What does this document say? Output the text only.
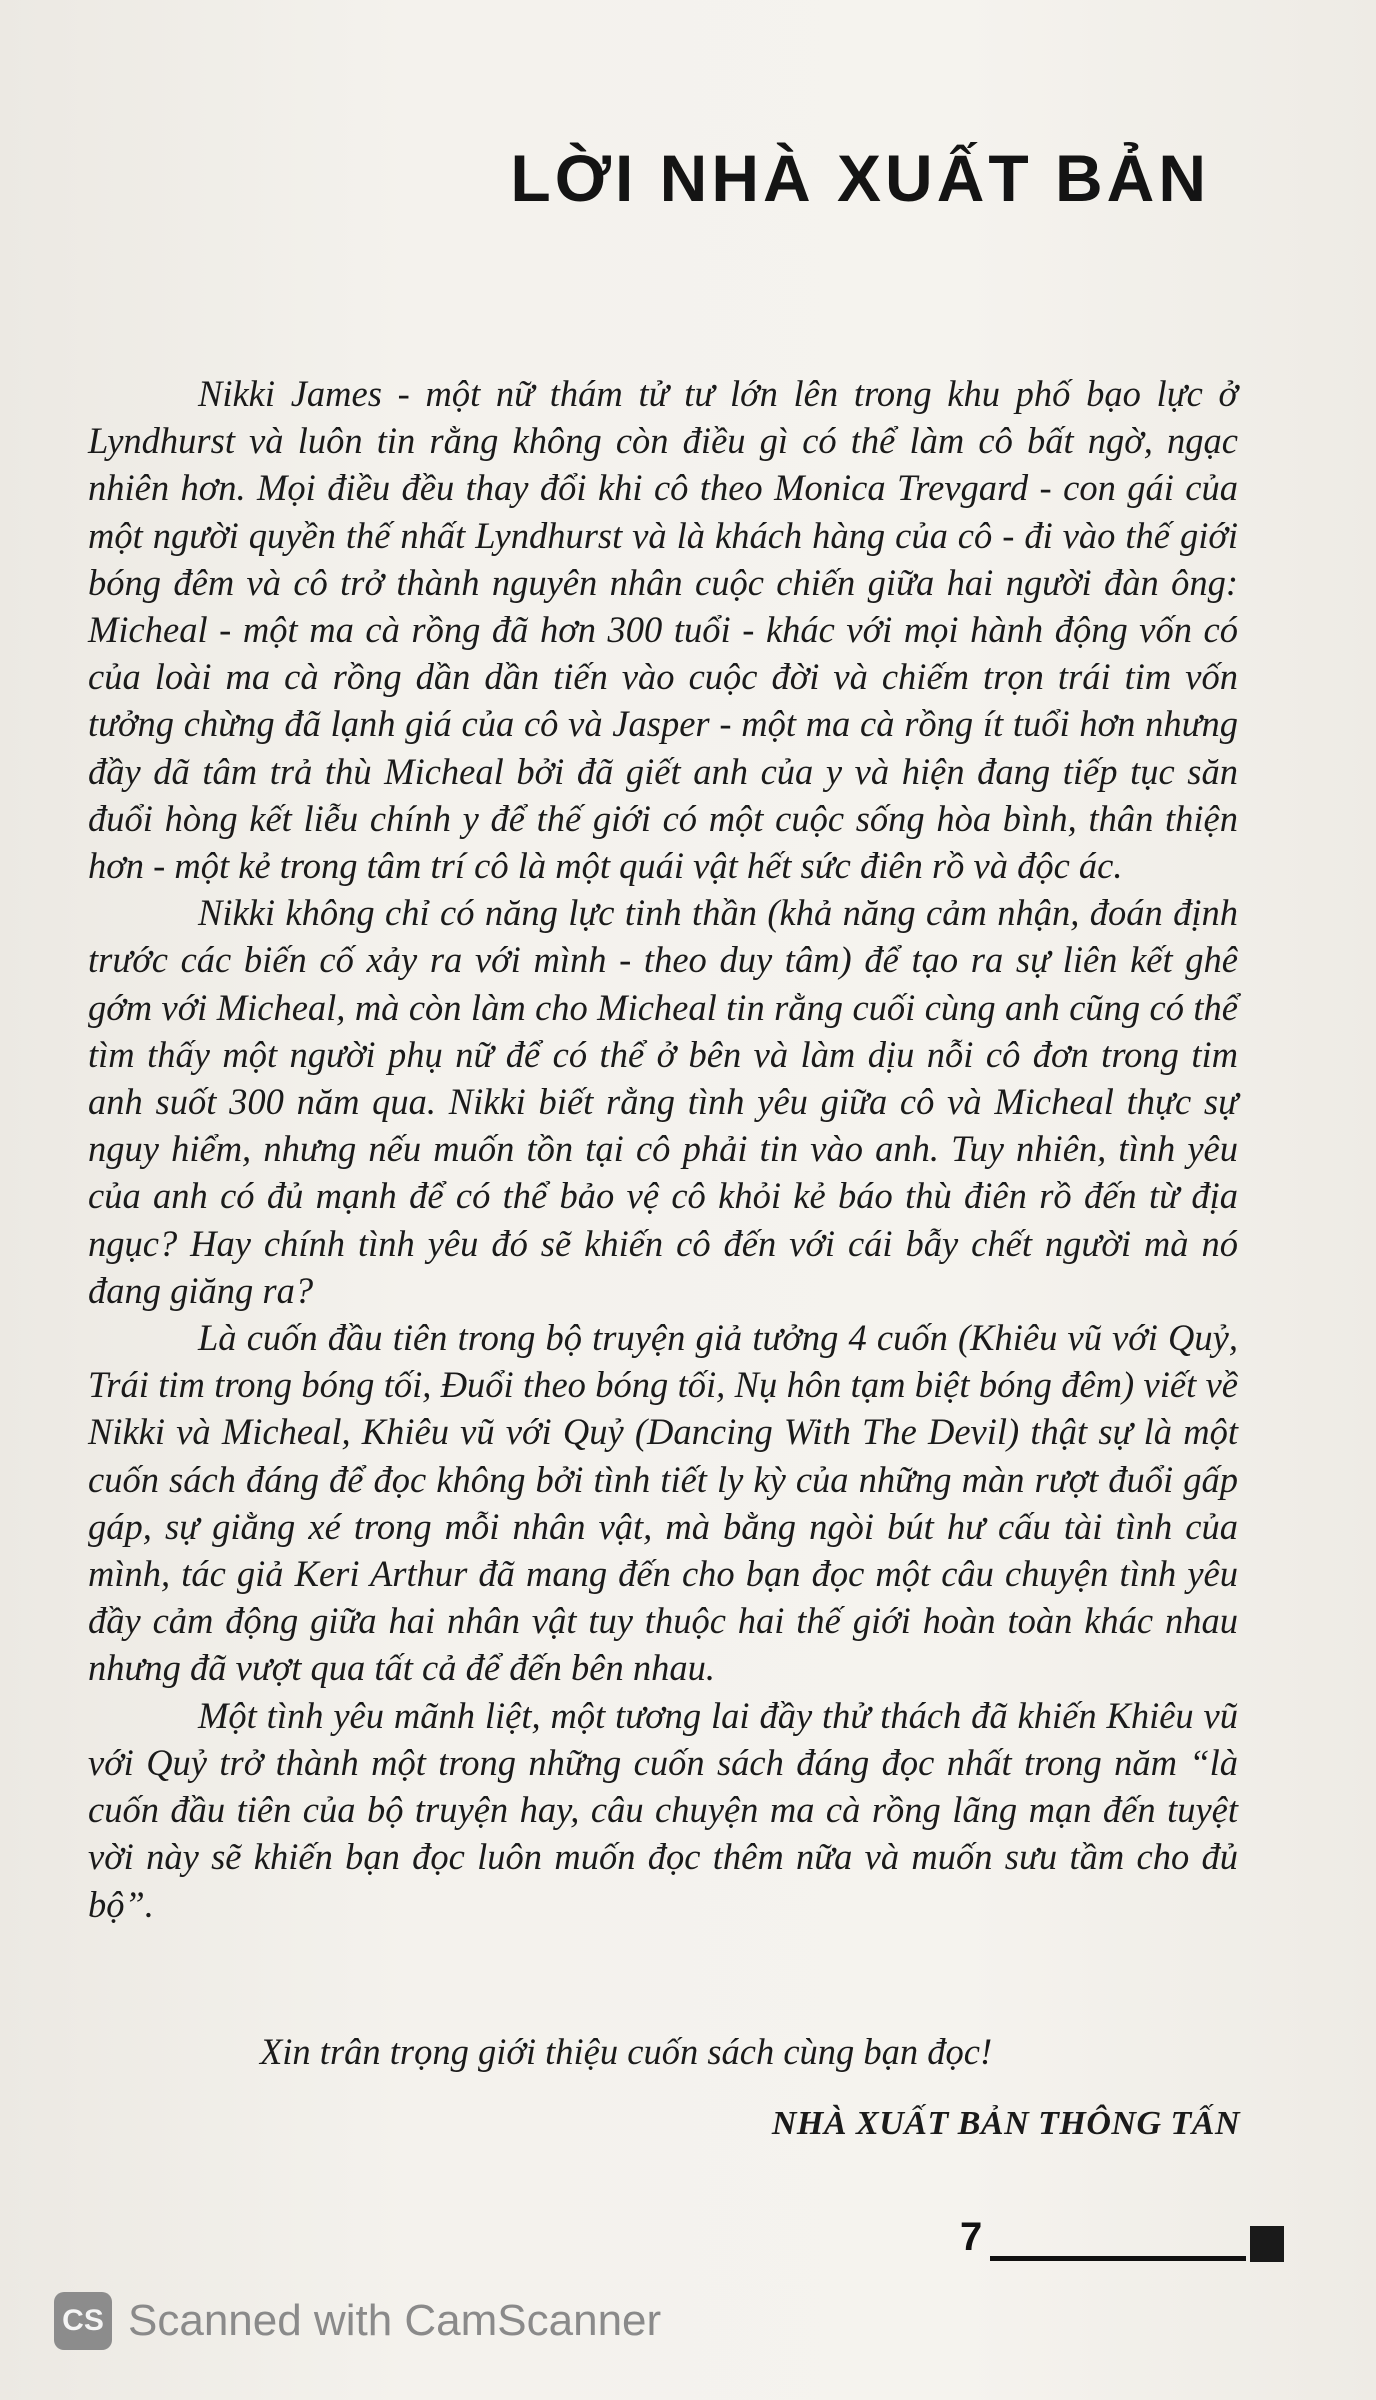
LỜI NHÀ XUẤT BẢN

Nikki James - một nữ thám tử tư lớn lên trong khu phố bạo lực ở Lyndhurst và luôn tin rằng không còn điều gì có thể làm cô bất ngờ, ngạc nhiên hơn. Mọi điều đều thay đổi khi cô theo Monica Trevgard - con gái của một người quyền thế nhất Lyndhurst và là khách hàng của cô - đi vào thế giới bóng đêm và cô trở thành nguyên nhân cuộc chiến giữa hai người đàn ông: Micheal - một ma cà rồng đã hơn 300 tuổi - khác với mọi hành động vốn có của loài ma cà rồng dần dần tiến vào cuộc đời và chiếm trọn trái tim vốn tưởng chừng đã lạnh giá của cô và Jasper - một ma cà rồng ít tuổi hơn nhưng đầy dã tâm trả thù Micheal bởi đã giết anh của y và hiện đang tiếp tục săn đuổi hòng kết liễu chính y để thế giới có một cuộc sống hòa bình, thân thiện hơn - một kẻ trong tâm trí cô là một quái vật hết sức điên rồ và độc ác.

Nikki không chỉ có năng lực tinh thần (khả năng cảm nhận, đoán định trước các biến cố xảy ra với mình - theo duy tâm) để tạo ra sự liên kết ghê gớm với Micheal, mà còn làm cho Micheal tin rằng cuối cùng anh cũng có thể tìm thấy một người phụ nữ để có thể ở bên và làm dịu nỗi cô đơn trong tim anh suốt 300 năm qua. Nikki biết rằng tình yêu giữa cô và Micheal thực sự nguy hiểm, nhưng nếu muốn tồn tại cô phải tin vào anh. Tuy nhiên, tình yêu của anh có đủ mạnh để có thể bảo vệ cô khỏi kẻ báo thù điên rồ đến từ địa ngục? Hay chính tình yêu đó sẽ khiến cô đến với cái bẫy chết người mà nó đang giăng ra?

Là cuốn đầu tiên trong bộ truyện giả tưởng 4 cuốn (Khiêu vũ với Quỷ, Trái tim trong bóng tối, Đuổi theo bóng tối, Nụ hôn tạm biệt bóng đêm) viết về Nikki và Micheal, Khiêu vũ với Quỷ (Dancing With The Devil) thật sự là một cuốn sách đáng để đọc không bởi tình tiết ly kỳ của những màn rượt đuổi gấp gáp, sự giằng xé trong mỗi nhân vật, mà bằng ngòi bút hư cấu tài tình của mình, tác giả Keri Arthur đã mang đến cho bạn đọc một câu chuyện tình yêu đầy cảm động giữa hai nhân vật tuy thuộc hai thế giới hoàn toàn khác nhau nhưng đã vượt qua tất cả để đến bên nhau.

Một tình yêu mãnh liệt, một tương lai đầy thử thách đã khiến Khiêu vũ với Quỷ trở thành một trong những cuốn sách đáng đọc nhất trong năm “là cuốn đầu tiên của bộ truyện hay, câu chuyện ma cà rồng lãng mạn đến tuyệt vời này sẽ khiến bạn đọc luôn muốn đọc thêm nữa và muốn sưu tầm cho đủ bộ”.

Xin trân trọng giới thiệu cuốn sách cùng bạn đọc!
NHÀ XUẤT BẢN THÔNG TẤN
7
CS Scanned with CamScanner
